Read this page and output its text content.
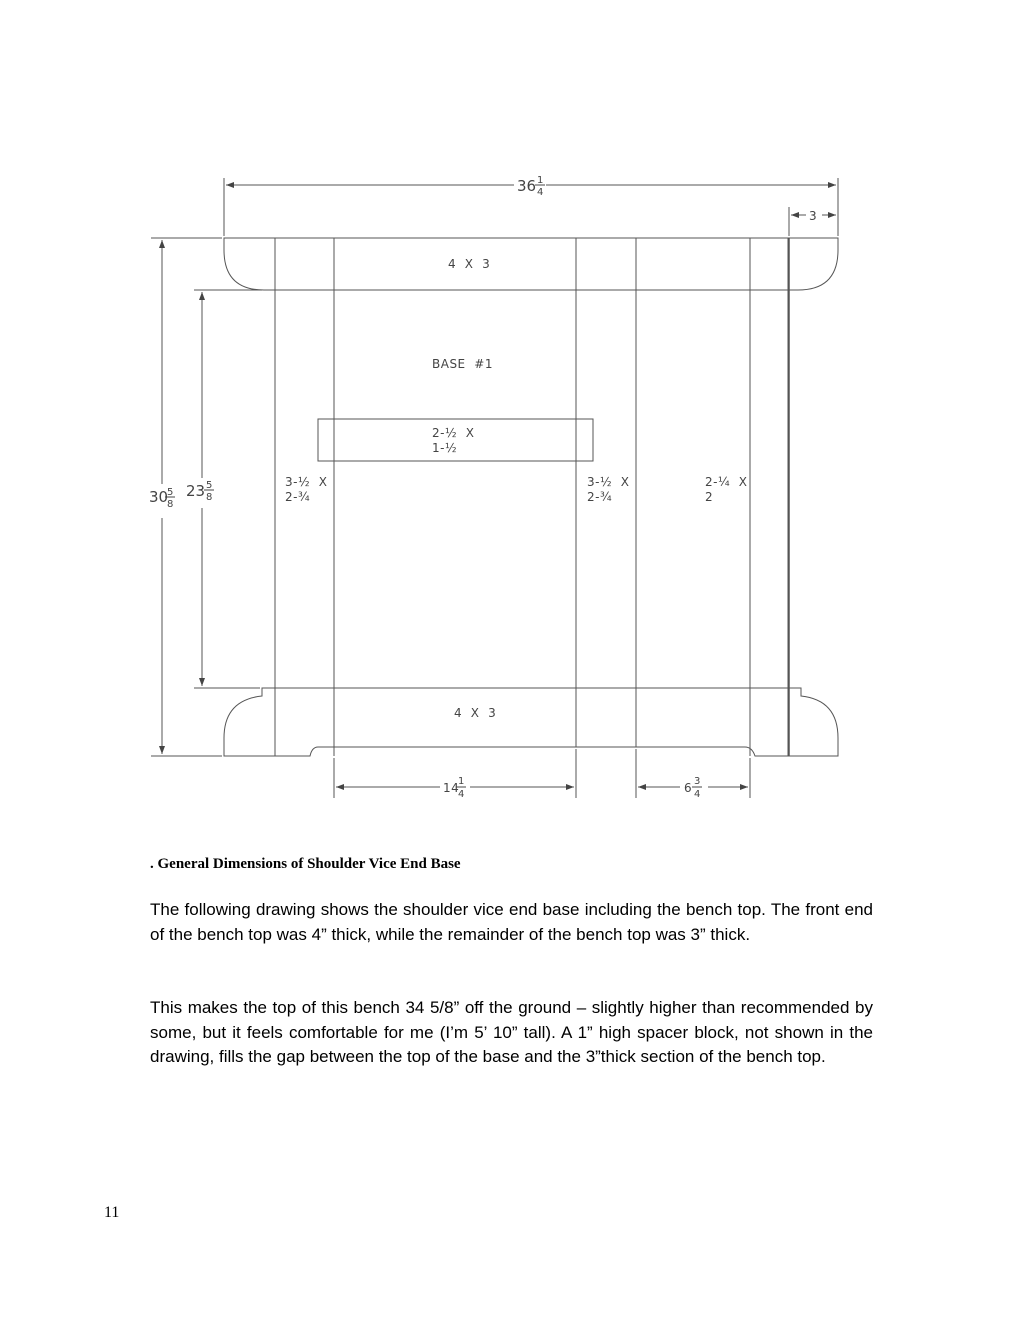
36 1
4
3
30
5
8
23 5
8
14
1
4	6 3
4
4  X  3
4  X  3
BASE  #1
2-½  X
1-½
3-½  X
2-¾
3-½  X
2-¾
2-¼  X
2
. General Dimensions of Shoulder Vice End Base

The following drawing shows the shoulder vice end base including the bench top. The front end of the bench top was 4” thick, while the remainder of the bench top was 3” thick.

This makes the top of this bench 34 5/8” off the ground – slightly higher than recommended by some, but it feels comfortable for me (I’m 5’ 10” tall). A 1” high spacer block, not shown in the drawing, fills the gap between the top of the base and the 3”thick section of the bench top.

11
